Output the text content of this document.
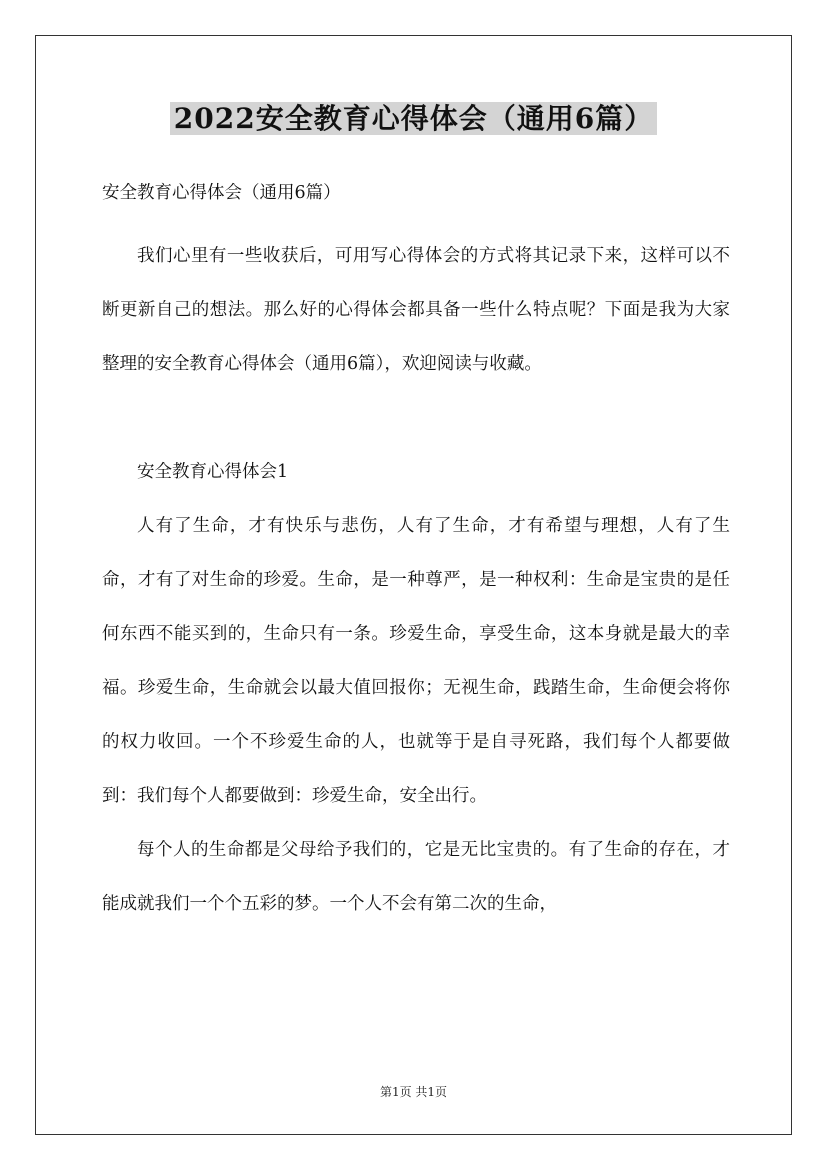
2022安全教育心得体会（通用6篇）

安全教育心得体会（通用6篇）

我们心里有一些收获后，可用写心得体会的方式将其记录下来，这样可以不断更新自己的想法。那么好的心得体会都具备一些什么特点呢？下面是我为大家整理的安全教育心得体会（通用6篇），欢迎阅读与收藏。

安全教育心得体会1

人有了生命，才有快乐与悲伤，人有了生命，才有希望与理想，人有了生命，才有了对生命的珍爱。生命，是一种尊严，是一种权利：生命是宝贵的是任何东西不能买到的，生命只有一条。珍爱生命，享受生命，这本身就是最大的幸福。珍爱生命，生命就会以最大值回报你；无视生命，践踏生命，生命便会将你的权力收回。一个不珍爱生命的人，也就等于是自寻死路，我们每个人都要做到：我们每个人都要做到：珍爱生命，安全出行。

每个人的生命都是父母给予我们的，它是无比宝贵的。有了生命的存在，才能成就我们一个个五彩的梦。一个人不会有第二次的生命，

第1页 共1页
